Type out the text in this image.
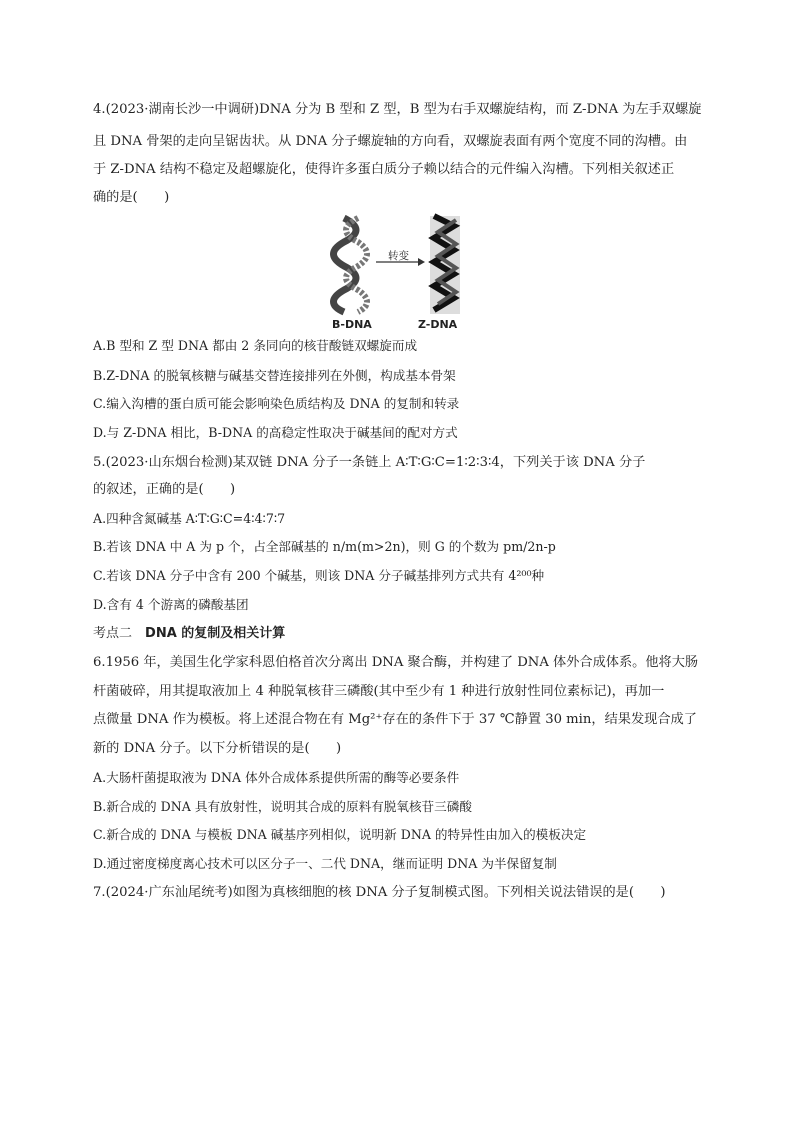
4.(2023·湖南长沙一中调研)DNA 分为 B 型和 Z 型，B 型为右手双螺旋结构，而 Z-DNA 为左手双螺旋
且 DNA 骨架的走向呈锯齿状。从 DNA 分子螺旋轴的方向看，双螺旋表面有两个宽度不同的沟槽。由
于 Z-DNA 结构不稳定及超螺旋化，使得许多蛋白质分子赖以结合的元件编入沟槽。下列相关叙述正
确的是(　　)
转变
B-DNA	Z-DNA
A.B 型和 Z 型 DNA 都由 2 条同向的核苷酸链双螺旋而成
B.Z-DNA 的脱氧核糖与碱基交替连接排列在外侧，构成基本骨架
C.编入沟槽的蛋白质可能会影响染色质结构及 DNA 的复制和转录
D.与 Z-DNA 相比，B-DNA 的高稳定性取决于碱基间的配对方式
5.(2023·山东烟台检测)某双链 DNA 分子一条链上 A∶T∶G∶C=1∶2∶3∶4，下列关于该 DNA 分子
的叙述，正确的是(　　)
A.四种含氮碱基 A∶T∶G∶C=4∶4∶7∶7
B.若该 DNA 中 A 为 p 个，占全部碱基的 n/m(m>2n)，则 G 的个数为 pm/2n-p
C.若该 DNA 分子中含有 200 个碱基，则该 DNA 分子碱基排列方式共有 4²⁰⁰种
D.含有 4 个游离的磷酸基团
考点二　 DNA 的复制及相关计算
6.1956 年，美国生化学家科恩伯格首次分离出 DNA 聚合酶，并构建了 DNA 体外合成体系。他将大肠
杆菌破碎，用其提取液加上 4 种脱氧核苷三磷酸(其中至少有 1 种进行放射性同位素标记)，再加一
点微量 DNA 作为模板。将上述混合物在有 Mg²⁺存在的条件下于 37 ℃静置 30 min，结果发现合成了
新的 DNA 分子。以下分析错误的是(　　)
A.大肠杆菌提取液为 DNA 体外合成体系提供所需的酶等必要条件
B.新合成的 DNA 具有放射性，说明其合成的原料有脱氧核苷三磷酸
C.新合成的 DNA 与模板 DNA 碱基序列相似，说明新 DNA 的特异性由加入的模板决定
D.通过密度梯度离心技术可以区分子一、二代 DNA，继而证明 DNA 为半保留复制
7.(2024·广东汕尾统考)如图为真核细胞的核 DNA 分子复制模式图。下列相关说法错误的是(　　)
